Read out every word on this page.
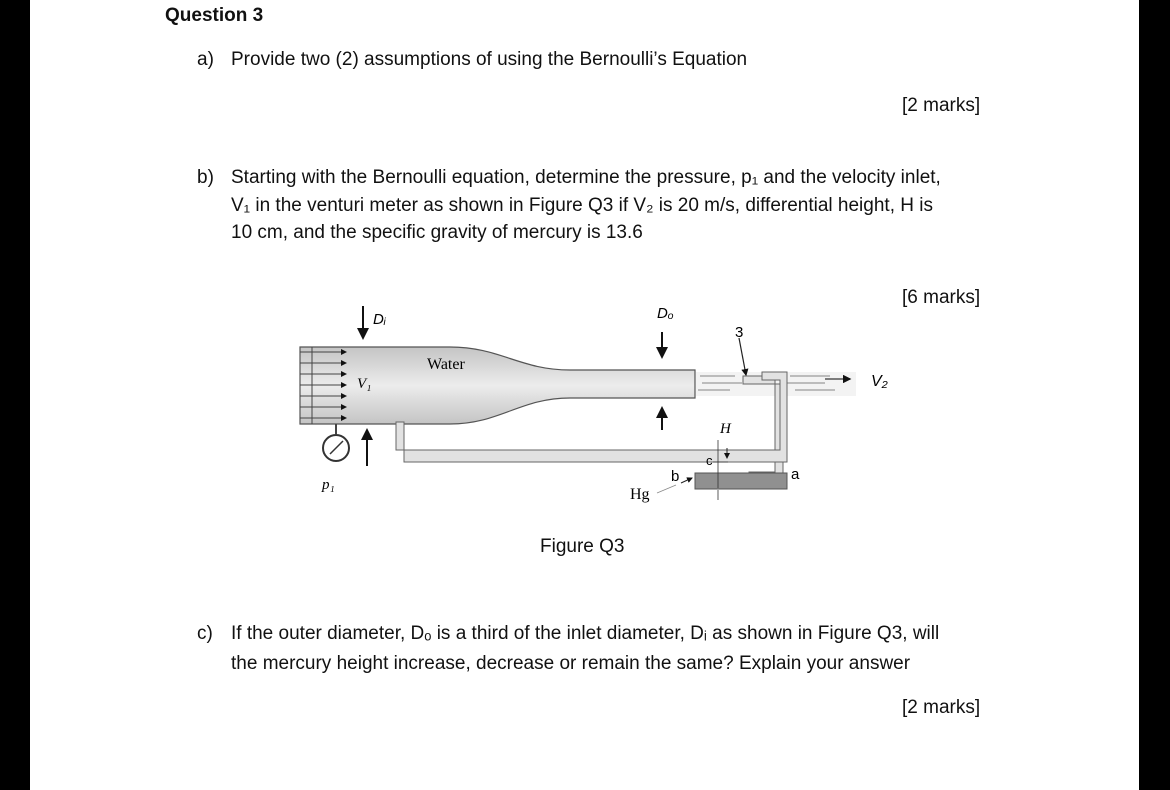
Question 3
a) Provide two (2) assumptions of using the Bernoulli’s Equation
[2 marks]
b) Starting with the Bernoulli equation, determine the pressure, p₁ and the velocity inlet,
V₁ in the venturi meter as shown in Figure Q3 if V₂ is 20 m/s, differential height, H is
10 cm, and the specific gravity of mercury is 13.6
[6 marks]
Dᵢ	Dₒ
3
Water
V₁	V₂
p₁
H
c
b	a
Hg
Figure Q3
c) If the outer diameter, Dₒ is a third of the inlet diameter, Dᵢ as shown in Figure Q3, will
the mercury height increase, decrease or remain the same? Explain your answer
[2 marks]
